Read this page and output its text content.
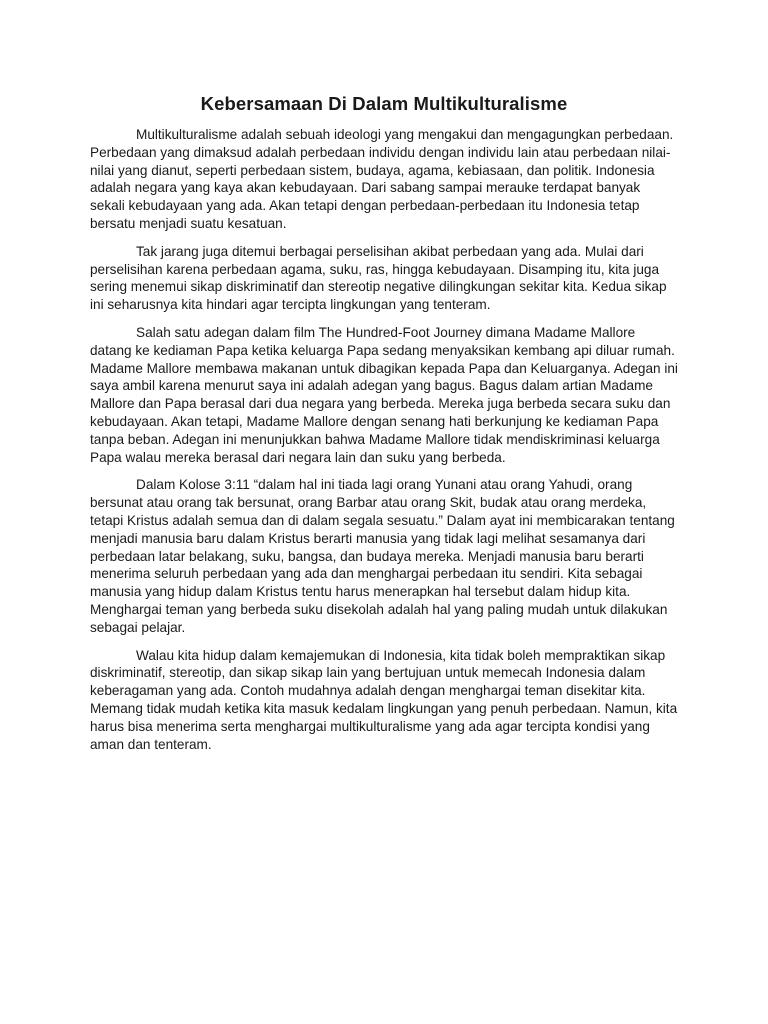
Kebersamaan Di Dalam Multikulturalisme

Multikulturalisme adalah sebuah ideologi yang mengakui dan mengagungkan perbedaan. Perbedaan yang dimaksud adalah perbedaan individu dengan individu lain atau perbedaan nilai-nilai yang dianut, seperti perbedaan sistem, budaya, agama, kebiasaan, dan politik. Indonesia adalah negara yang kaya akan kebudayaan. Dari sabang sampai merauke terdapat banyak sekali kebudayaan yang ada. Akan tetapi dengan perbedaan-perbedaan itu Indonesia tetap bersatu menjadi suatu kesatuan.

Tak jarang juga ditemui berbagai perselisihan akibat perbedaan yang ada. Mulai dari perselisihan karena perbedaan agama, suku, ras, hingga kebudayaan. Disamping itu, kita juga sering menemui sikap diskriminatif dan stereotip negative dilingkungan sekitar kita. Kedua sikap ini seharusnya kita hindari agar tercipta lingkungan yang tenteram.

Salah satu adegan dalam film The Hundred-Foot Journey dimana Madame Mallore datang ke kediaman Papa ketika keluarga Papa sedang menyaksikan kembang api diluar rumah. Madame Mallore membawa makanan untuk dibagikan kepada Papa dan Keluarganya. Adegan ini saya ambil karena menurut saya ini adalah adegan yang bagus. Bagus dalam artian Madame Mallore dan Papa berasal dari dua negara yang berbeda. Mereka juga berbeda secara suku dan kebudayaan. Akan tetapi, Madame Mallore dengan senang hati berkunjung ke kediaman Papa tanpa beban. Adegan ini menunjukkan bahwa Madame Mallore tidak mendiskriminasi keluarga Papa walau mereka berasal dari negara lain dan suku yang berbeda.

Dalam Kolose 3:11 “dalam hal ini tiada lagi orang Yunani atau orang Yahudi, orang bersunat atau orang tak bersunat, orang Barbar atau orang Skit, budak atau orang merdeka, tetapi Kristus adalah semua dan di dalam segala sesuatu.” Dalam ayat ini membicarakan tentang menjadi manusia baru dalam Kristus berarti manusia yang tidak lagi melihat sesamanya dari perbedaan latar belakang, suku, bangsa, dan budaya mereka. Menjadi manusia baru berarti menerima seluruh perbedaan yang ada dan menghargai perbedaan itu sendiri. Kita sebagai manusia yang hidup dalam Kristus tentu harus menerapkan hal tersebut dalam hidup kita. Menghargai teman yang berbeda suku disekolah adalah hal yang paling mudah untuk dilakukan sebagai pelajar.

Walau kita hidup dalam kemajemukan di Indonesia, kita tidak boleh mempraktikan sikap diskriminatif, stereotip, dan sikap sikap lain yang bertujuan untuk memecah Indonesia dalam keberagaman yang ada. Contoh mudahnya adalah dengan menghargai teman disekitar kita. Memang tidak mudah ketika kita masuk kedalam lingkungan yang penuh perbedaan. Namun, kita harus bisa menerima serta menghargai multikulturalisme yang ada agar tercipta kondisi yang aman dan tenteram.
